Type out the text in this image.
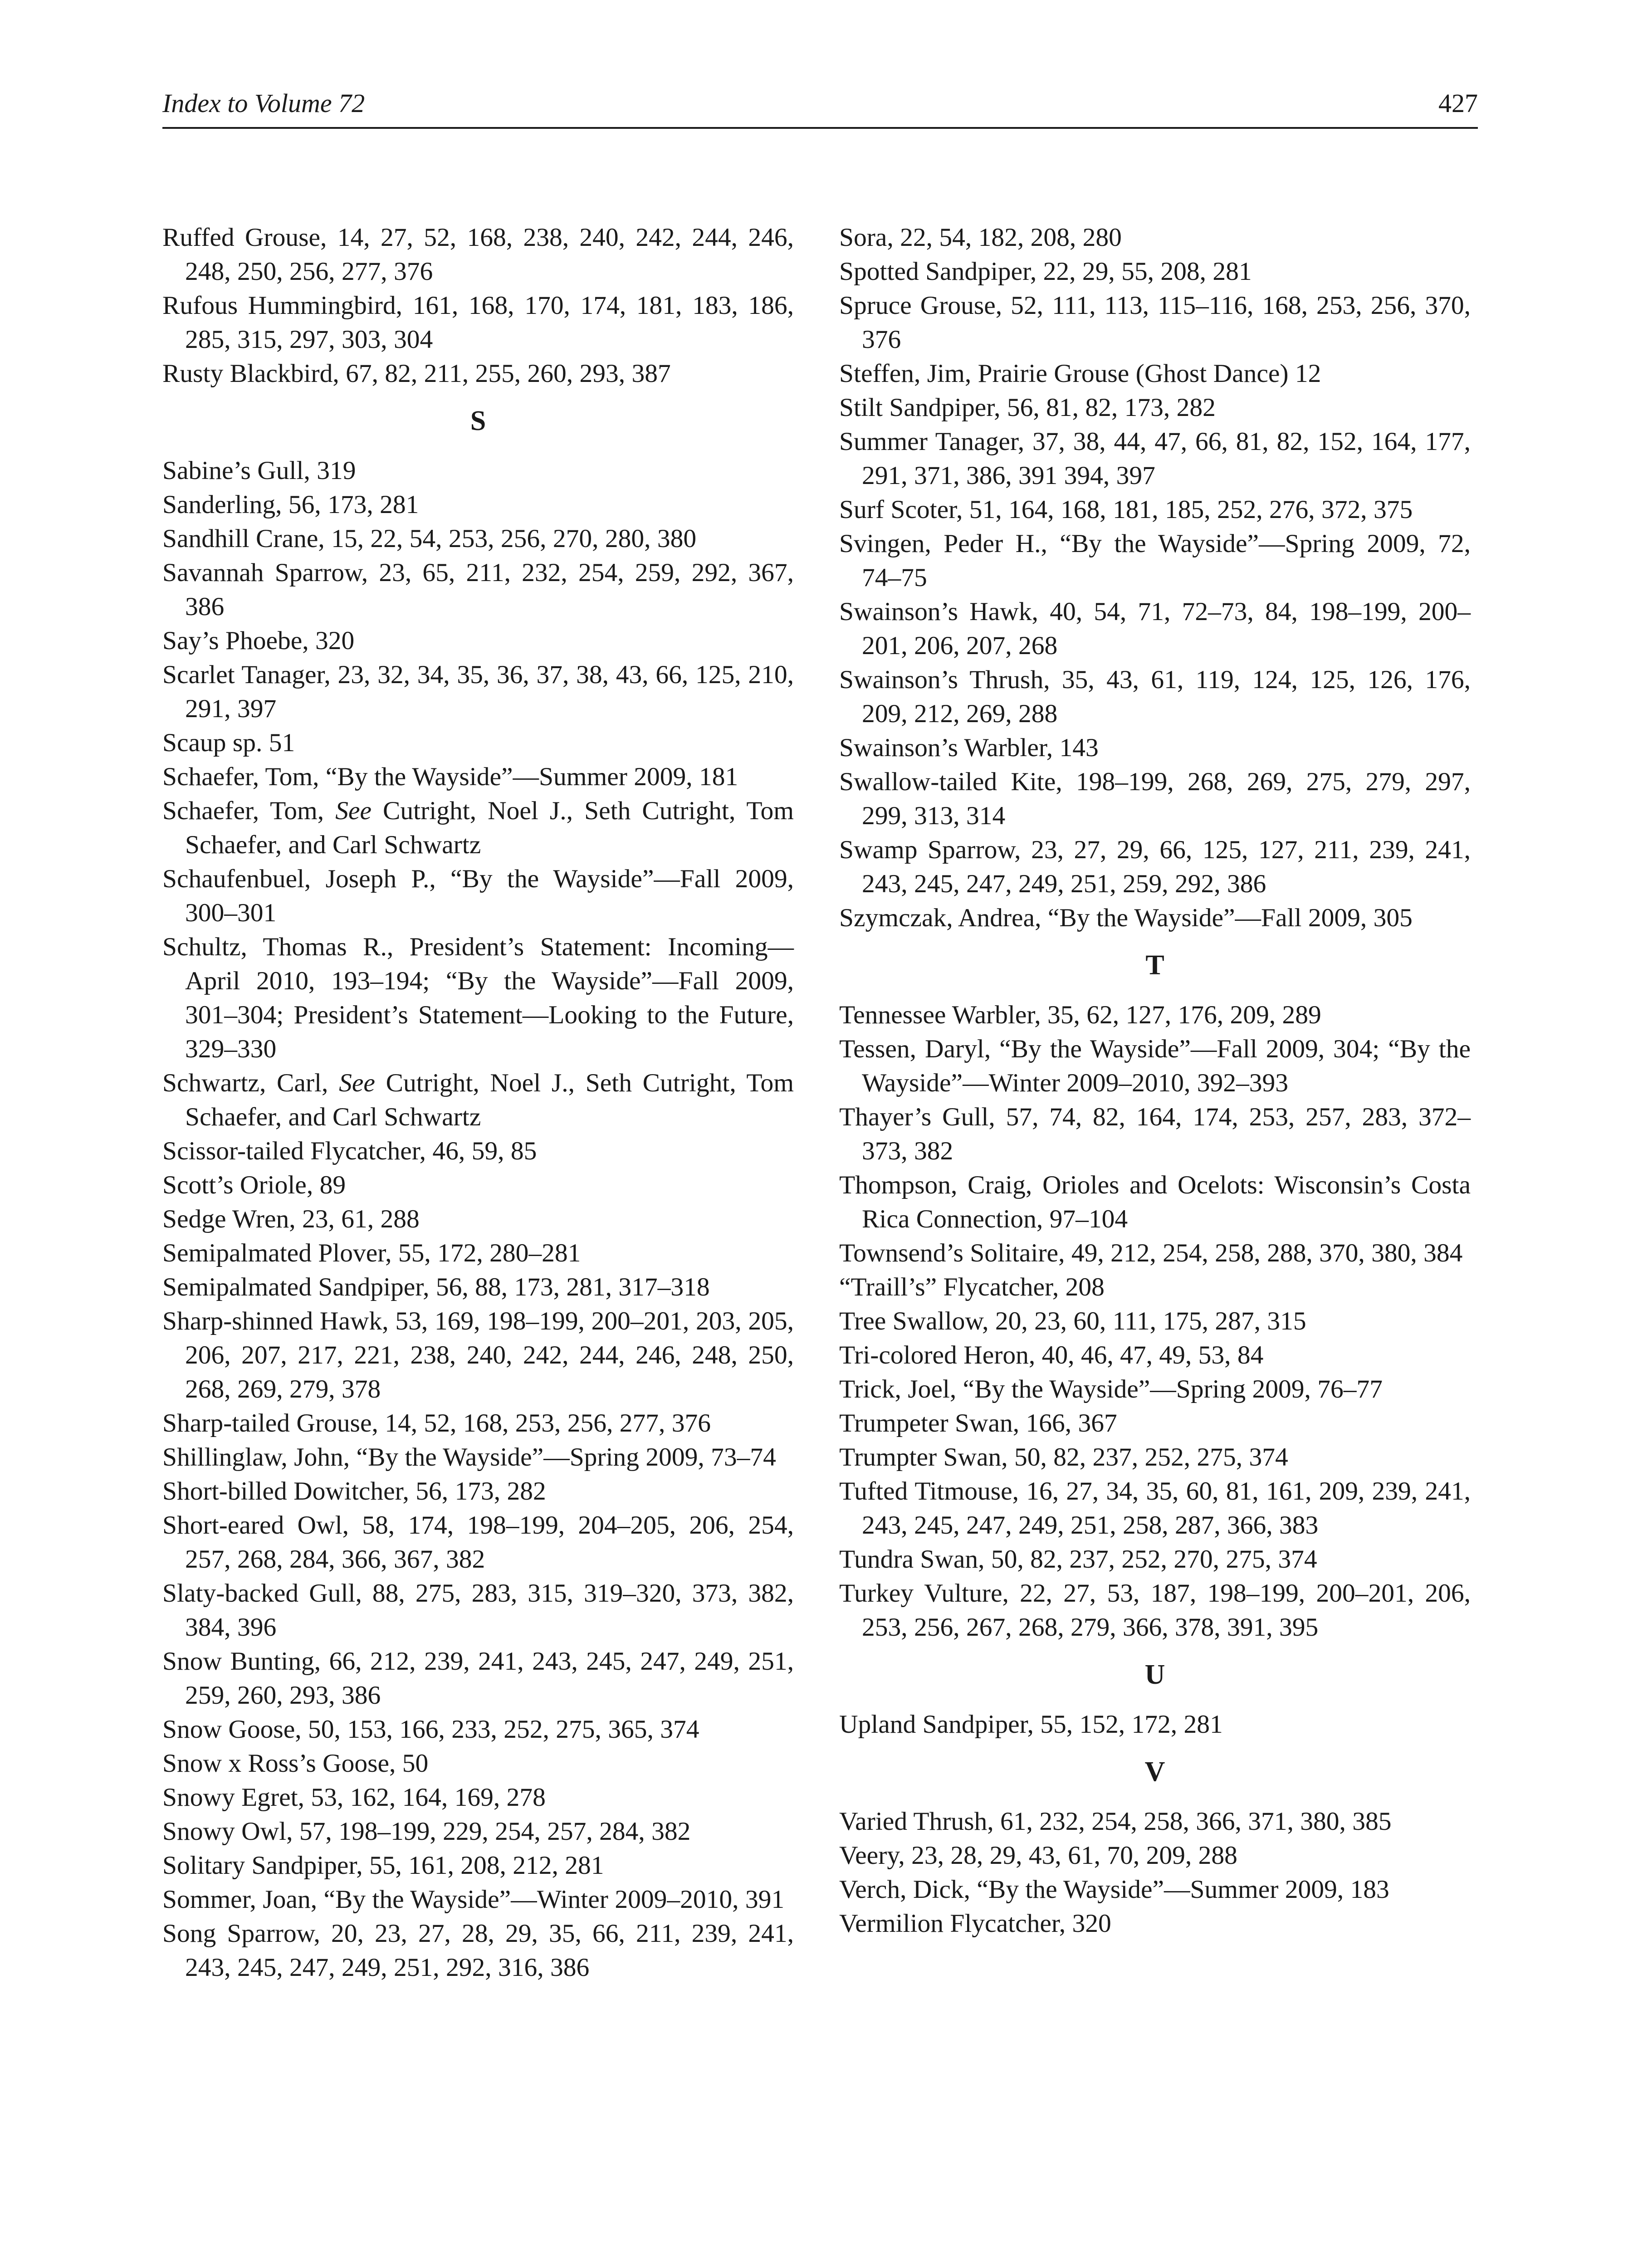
Index to Volume 72	427

Ruffed Grouse, 14, 27, 52, 168, 238, 240, 242, 244, 246, 248, 250, 256, 277, 376

Rufous Hummingbird, 161, 168, 170, 174, 181, 183, 186, 285, 315, 297, 303, 304

Rusty Blackbird, 67, 82, 211, 255, 260, 293, 387

S

Sabine’s Gull, 319

Sanderling, 56, 173, 281

Sandhill Crane, 15, 22, 54, 253, 256, 270, 280, 380

Savannah Sparrow, 23, 65, 211, 232, 254, 259, 292, 367, 386

Say’s Phoebe, 320

Scarlet Tanager, 23, 32, 34, 35, 36, 37, 38, 43, 66, 125, 210, 291, 397

Scaup sp. 51

Schaefer, Tom, “By the Wayside”—Summer 2009, 181

Schaefer, Tom, See Cutright, Noel J., Seth Cutright, Tom Schaefer, and Carl Schwartz

Schaufenbuel, Joseph P., “By the Wayside”—Fall 2009, 300–301

Schultz, Thomas R., President’s Statement: Incoming—April 2010, 193–194; “By the Wayside”—Fall 2009, 301–304; President’s Statement—Looking to the Future, 329–330

Schwartz, Carl, See Cutright, Noel J., Seth Cutright, Tom Schaefer, and Carl Schwartz

Scissor-tailed Flycatcher, 46, 59, 85

Scott’s Oriole, 89

Sedge Wren, 23, 61, 288

Semipalmated Plover, 55, 172, 280–281

Semipalmated Sandpiper, 56, 88, 173, 281, 317–318

Sharp-shinned Hawk, 53, 169, 198–199, 200–201, 203, 205, 206, 207, 217, 221, 238, 240, 242, 244, 246, 248, 250, 268, 269, 279, 378

Sharp-tailed Grouse, 14, 52, 168, 253, 256, 277, 376

Shillinglaw, John, “By the Wayside”—Spring 2009, 73–74

Short-billed Dowitcher, 56, 173, 282

Short-eared Owl, 58, 174, 198–199, 204–205, 206, 254, 257, 268, 284, 366, 367, 382

Slaty-backed Gull, 88, 275, 283, 315, 319–320, 373, 382, 384, 396

Snow Bunting, 66, 212, 239, 241, 243, 245, 247, 249, 251, 259, 260, 293, 386

Snow Goose, 50, 153, 166, 233, 252, 275, 365, 374

Snow x Ross’s Goose, 50

Snowy Egret, 53, 162, 164, 169, 278

Snowy Owl, 57, 198–199, 229, 254, 257, 284, 382

Solitary Sandpiper, 55, 161, 208, 212, 281

Sommer, Joan, “By the Wayside”—Winter 2009–2010, 391

Song Sparrow, 20, 23, 27, 28, 29, 35, 66, 211, 239, 241, 243, 245, 247, 249, 251, 292, 316, 386

Sora, 22, 54, 182, 208, 280

Spotted Sandpiper, 22, 29, 55, 208, 281

Spruce Grouse, 52, 111, 113, 115–116, 168, 253, 256, 370, 376

Steffen, Jim, Prairie Grouse (Ghost Dance) 12

Stilt Sandpiper, 56, 81, 82, 173, 282

Summer Tanager, 37, 38, 44, 47, 66, 81, 82, 152, 164, 177, 291, 371, 386, 391 394, 397

Surf Scoter, 51, 164, 168, 181, 185, 252, 276, 372, 375

Svingen, Peder H., “By the Wayside”—Spring 2009, 72, 74–75

Swainson’s Hawk, 40, 54, 71, 72–73, 84, 198–199, 200–201, 206, 207, 268

Swainson’s Thrush, 35, 43, 61, 119, 124, 125, 126, 176, 209, 212, 269, 288

Swainson’s Warbler, 143

Swallow-tailed Kite, 198–199, 268, 269, 275, 279, 297, 299, 313, 314

Swamp Sparrow, 23, 27, 29, 66, 125, 127, 211, 239, 241, 243, 245, 247, 249, 251, 259, 292, 386

Szymczak, Andrea, “By the Wayside”—Fall 2009, 305

T

Tennessee Warbler, 35, 62, 127, 176, 209, 289

Tessen, Daryl, “By the Wayside”—Fall 2009, 304; “By the Wayside”—Winter 2009–2010, 392–393

Thayer’s Gull, 57, 74, 82, 164, 174, 253, 257, 283, 372–373, 382

Thompson, Craig, Orioles and Ocelots: Wisconsin’s Costa Rica Connection, 97–104

Townsend’s Solitaire, 49, 212, 254, 258, 288, 370, 380, 384

“Traill’s” Flycatcher, 208

Tree Swallow, 20, 23, 60, 111, 175, 287, 315

Tri-colored Heron, 40, 46, 47, 49, 53, 84

Trick, Joel, “By the Wayside”—Spring 2009, 76–77

Trumpeter Swan, 166, 367

Trumpter Swan, 50, 82, 237, 252, 275, 374

Tufted Titmouse, 16, 27, 34, 35, 60, 81, 161, 209, 239, 241, 243, 245, 247, 249, 251, 258, 287, 366, 383

Tundra Swan, 50, 82, 237, 252, 270, 275, 374

Turkey Vulture, 22, 27, 53, 187, 198–199, 200–201, 206, 253, 256, 267, 268, 279, 366, 378, 391, 395

U

Upland Sandpiper, 55, 152, 172, 281

V

Varied Thrush, 61, 232, 254, 258, 366, 371, 380, 385

Veery, 23, 28, 29, 43, 61, 70, 209, 288

Verch, Dick, “By the Wayside”—Summer 2009, 183

Vermilion Flycatcher, 320
